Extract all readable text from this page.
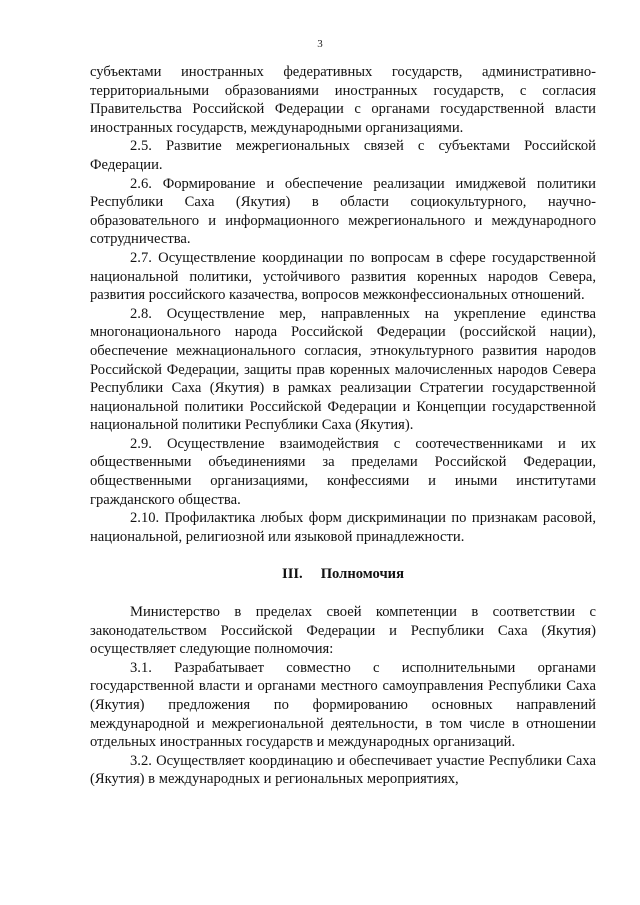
3

субъектами иностранных федеративных государств, административно-территориальными образованиями иностранных государств, с согласия Правительства Российской Федерации с органами государственной власти иностранных государств, международными организациями.

2.5. Развитие межрегиональных связей с субъектами Российской Федерации.

2.6. Формирование и обеспечение реализации имиджевой политики Республики Саха (Якутия) в области социокультурного, научно-образовательного и информационного межрегионального и международного сотрудничества.

2.7. Осуществление координации по вопросам в сфере государственной национальной политики, устойчивого развития коренных народов Севера, развития российского казачества, вопросов межконфессиональных отношений.

2.8. Осуществление мер, направленных на укрепление единства многонационального народа Российской Федерации (российской нации), обеспечение межнационального согласия, этнокультурного развития народов Российской Федерации, защиты прав коренных малочисленных народов Севера Республики Саха (Якутия) в рамках реализации Стратегии государственной национальной политики Российской Федерации и Концепции государственной национальной политики Республики Саха (Якутия).

2.9. Осуществление взаимодействия с соотечественниками и их общественными объединениями за пределами Российской Федерации, общественными организациями, конфессиями и иными институтами гражданского общества.

2.10. Профилактика любых форм дискриминации по признакам расовой, национальной, религиозной или языковой принадлежности.

III. Полномочия

Министерство в пределах своей компетенции в соответствии с законодательством Российской Федерации и Республики Саха (Якутия) осуществляет следующие полномочия:

3.1. Разрабатывает совместно с исполнительными органами государственной власти и органами местного самоуправления Республики Саха (Якутия) предложения по формированию основных направлений международной и межрегиональной деятельности, в том числе в отношении отдельных иностранных государств и международных организаций.

3.2. Осуществляет координацию и обеспечивает участие Республики Саха (Якутия) в международных и региональных мероприятиях,
